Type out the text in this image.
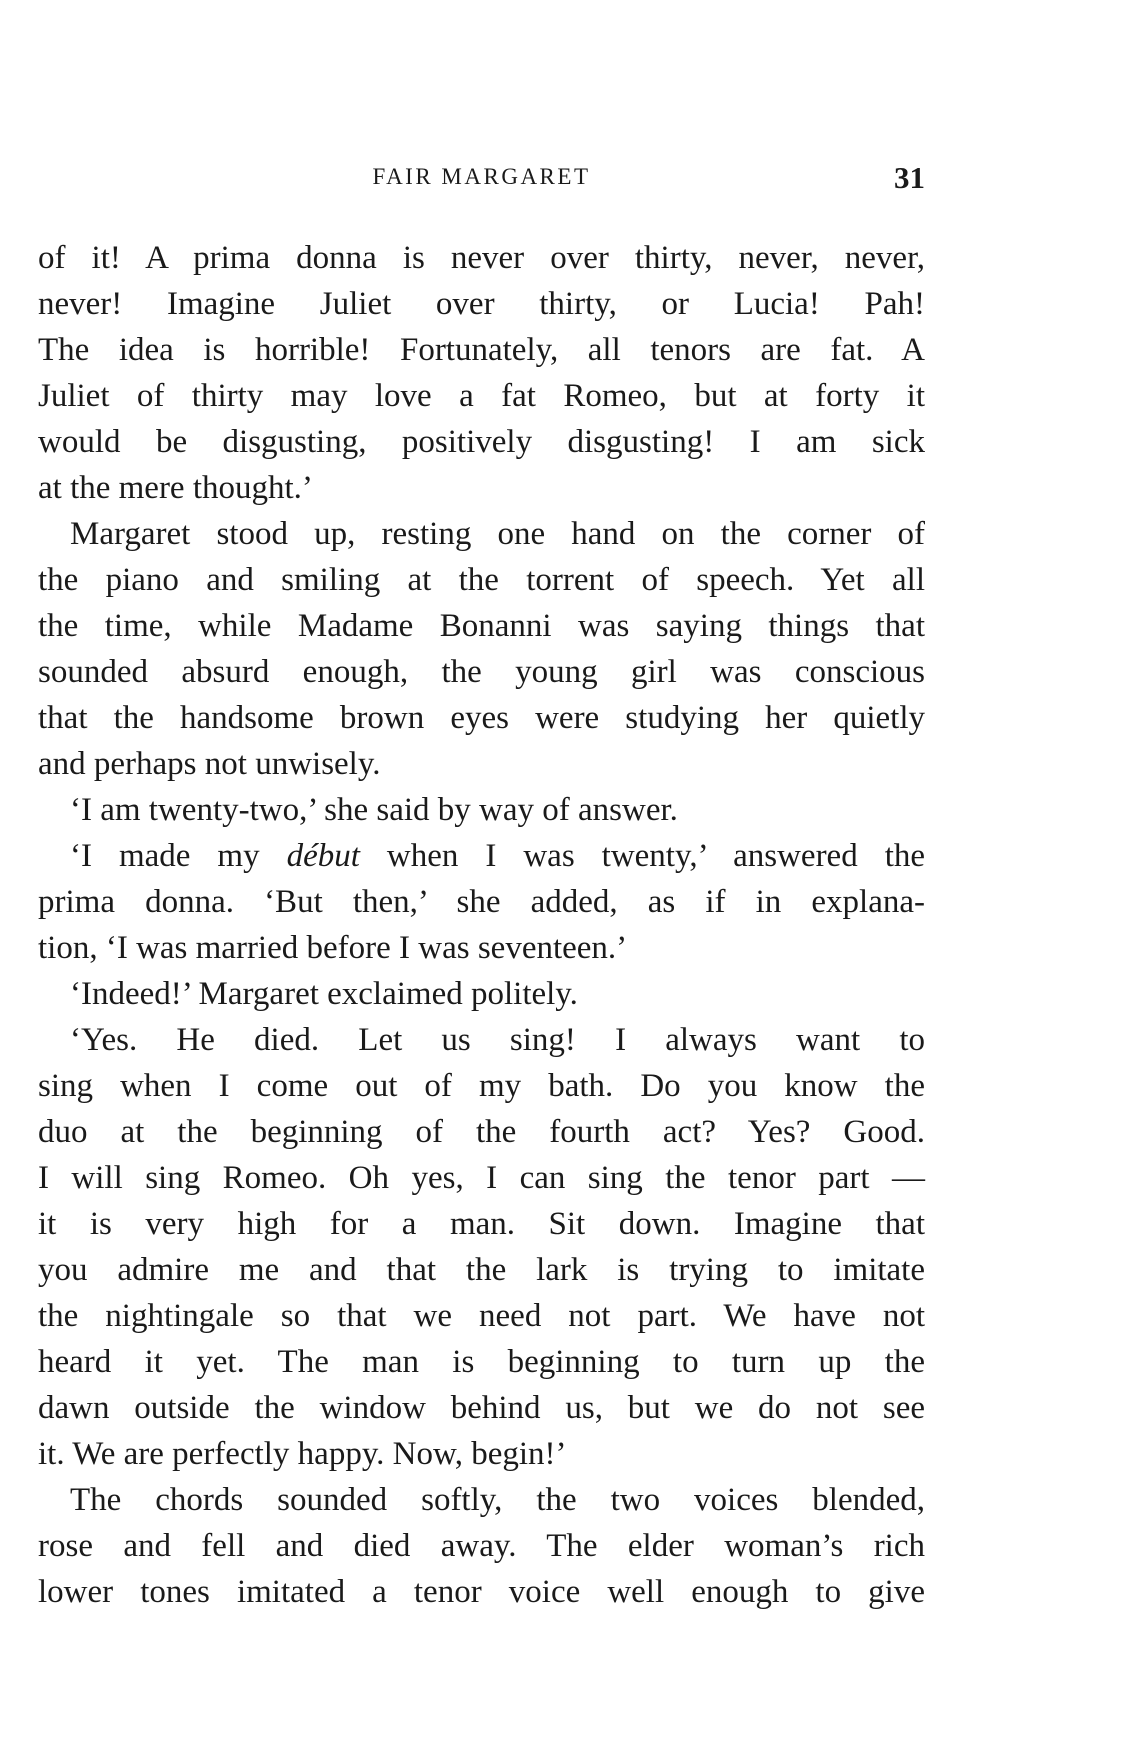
FAIR MARGARET	31
of it! A prima donna is never over thirty, never, never,
never! Imagine Juliet over thirty, or Lucia! Pah!
The idea is horrible! Fortunately, all tenors are fat. A
Juliet of thirty may love a fat Romeo, but at forty it
would be disgusting, positively disgusting! I am sick
at the mere thought.’
Margaret stood up, resting one hand on the corner of
the piano and smiling at the torrent of speech. Yet all
the time, while Madame Bonanni was saying things that
sounded absurd enough, the young girl was conscious
that the handsome brown eyes were studying her quietly
and perhaps not unwisely.
‘I am twenty-two,’ she said by way of answer.
‘I made my début when I was twenty,’ answered the
prima donna. ‘But then,’ she added, as if in explana-
tion, ‘I was married before I was seventeen.’
‘Indeed!’ Margaret exclaimed politely.
‘Yes. He died. Let us sing! I always want to
sing when I come out of my bath. Do you know the
duo at the beginning of the fourth act? Yes? Good.
I will sing Romeo. Oh yes, I can sing the tenor part —
it is very high for a man. Sit down. Imagine that
you admire me and that the lark is trying to imitate
the nightingale so that we need not part. We have not
heard it yet. The man is beginning to turn up the
dawn outside the window behind us, but we do not see
it. We are perfectly happy. Now, begin!’
The chords sounded softly, the two voices blended,
rose and fell and died away. The elder woman’s rich
lower tones imitated a tenor voice well enough to give
